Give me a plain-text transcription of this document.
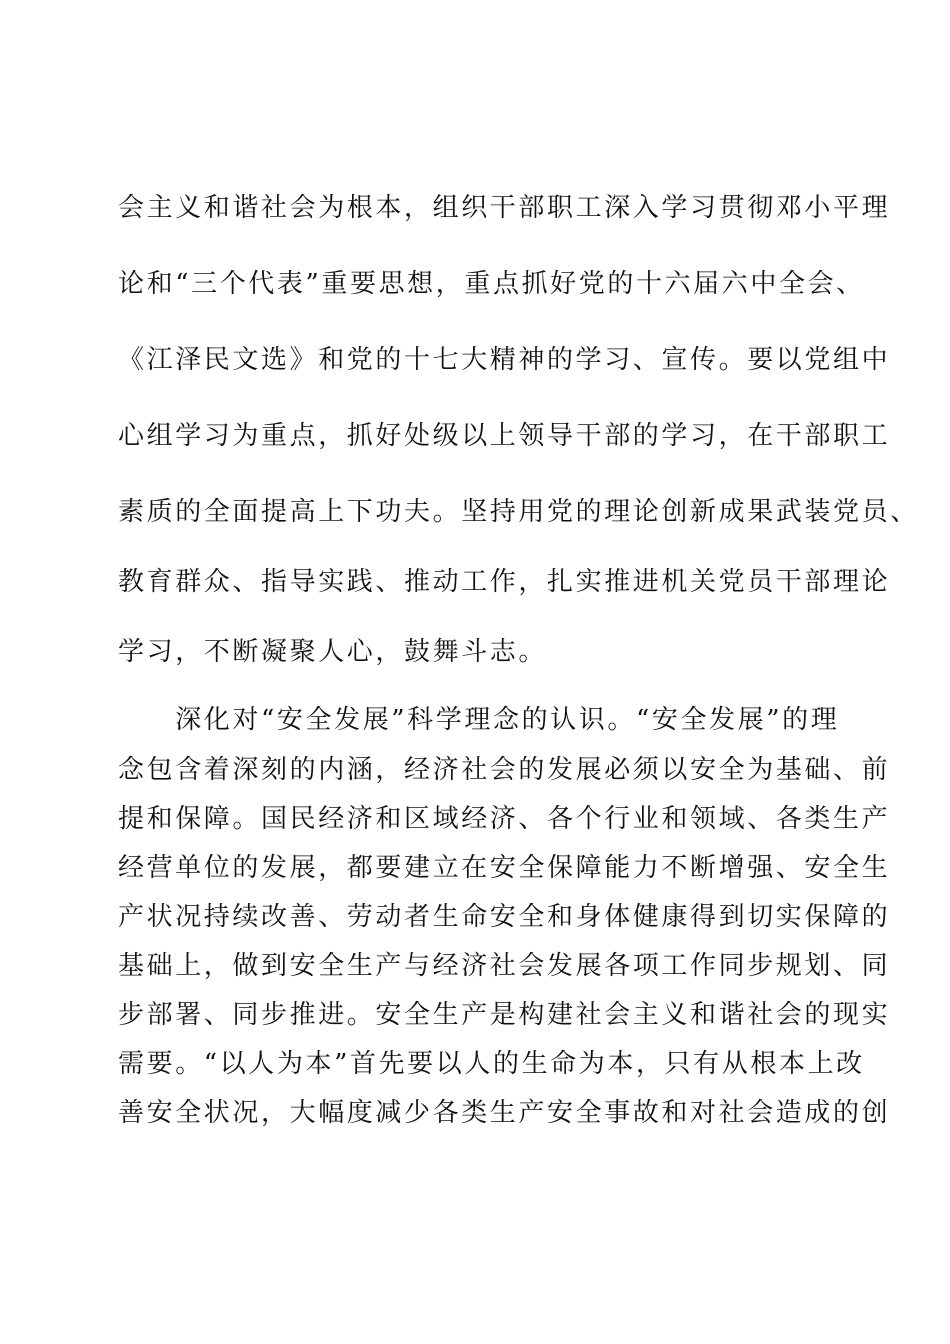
会主义和谐社会为根本，组织干部职工深入学习贯彻邓小平理
论和“三个代表”重要思想，重点抓好党的十六届六中全会、
《江泽民文选》和党的十七大精神的学习、宣传。要以党组中
心组学习为重点，抓好处级以上领导干部的学习，在干部职工
素质的全面提高上下功夫。坚持用党的理论创新成果武装党员、
教育群众、指导实践、推动工作，扎实推进机关党员干部理论
学习，不断凝聚人心，鼓舞斗志。
　　深化对“安全发展”科学理念的认识。“安全发展”的理
念包含着深刻的内涵，经济社会的发展必须以安全为基础、前
提和保障。国民经济和区域经济、各个行业和领域、各类生产
经营单位的发展，都要建立在安全保障能力不断增强、安全生
产状况持续改善、劳动者生命安全和身体健康得到切实保障的
基础上，做到安全生产与经济社会发展各项工作同步规划、同
步部署、同步推进。安全生产是构建社会主义和谐社会的现实
需要。“以人为本”首先要以人的生命为本，只有从根本上改
善安全状况，大幅度减少各类生产安全事故和对社会造成的创
